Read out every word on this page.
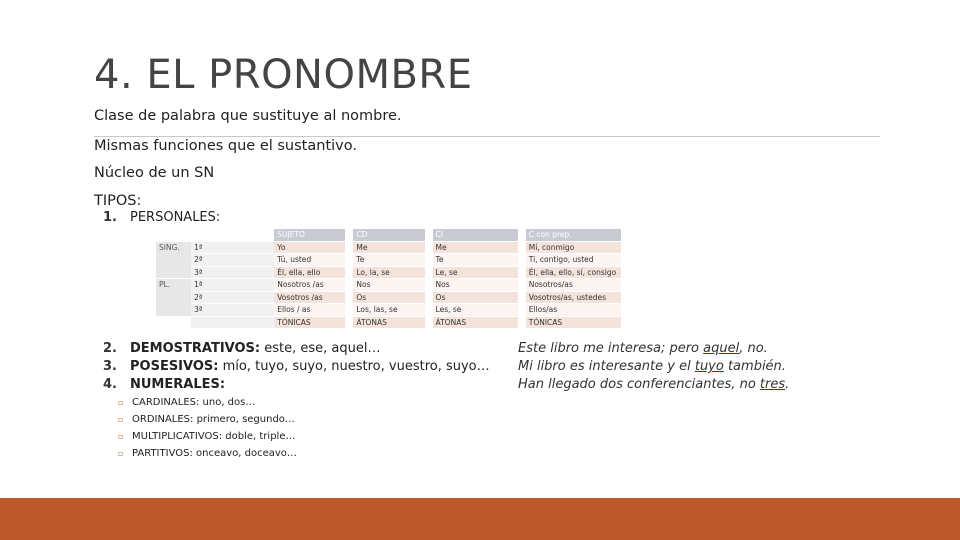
4. EL PRONOMBRE
Clase de palabra que sustituye al nombre.
Mismas funciones que el sustantivo.
Núcleo de un SN
TIPOS:
1. PERSONALES:
		SUJETO		CD		CI		C con prep.
SING.	1ª	Yo		Me		Me		Mí, conmigo
	2ª	Tú, usted		Te		Te		Ti, contigo, usted
	3ª	Él, ella, ello		Lo, la, se		Le, se		Él, ella, ello, sí, consigo
PL.	1ª	Nosotros /as		Nos		Nos		Nosotros/as
	2ª	Vosotros /as		Os		Os		Vosotros/as, ustedes
	3ª	Ellos / as		Los, las, se		Les, se		Ellos/as
		TÓNICAS		ÁTONAS		ÁTONAS		TÓNICAS
2. DEMOSTRATIVOS: este, ese, aquel…
3. POSESIVOS: mío, tuyo, suyo, nuestro, vuestro, suyo…
4. NUMERALES:
▫ CARDINALES: uno, dos…
▫ ORDINALES: primero, segundo…
▫ MULTIPLICATIVOS: doble, triple…
▫ PARTITIVOS: onceavo, doceavo…
Este libro me interesa; pero aquel, no.
Mi libro es interesante y el tuyo también.
Han llegado dos conferenciantes, no tres.
